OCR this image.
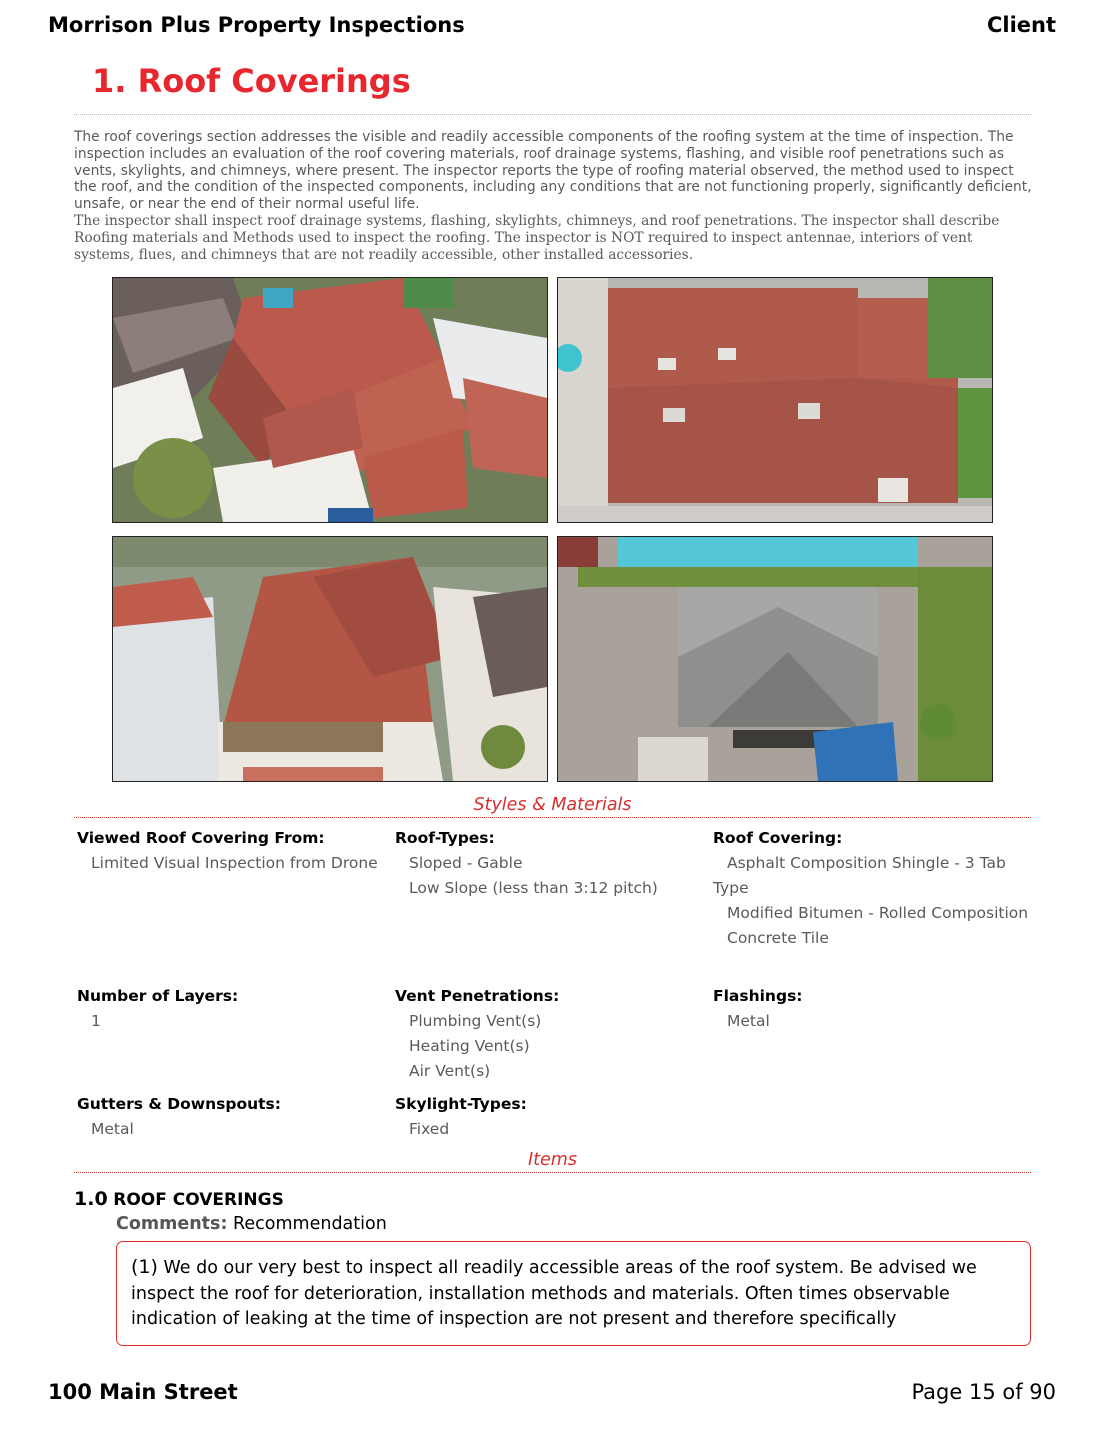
Morrison Plus Property Inspections	Client
1. Roof Coverings
The roof coverings section addresses the visible and readily accessible components of the roofing system at the time of inspection. The inspection includes an evaluation of the roof covering materials, roof drainage systems, flashing, and visible roof penetrations such as vents, skylights, and chimneys, where present. The inspector reports the type of roofing material observed, the method used to inspect the roof, and the condition of the inspected components, including any conditions that are not functioning properly, significantly deficient, unsafe, or near the end of their normal useful life.
The inspector shall inspect roof drainage systems, flashing, skylights, chimneys, and roof penetrations. The inspector shall describe Roofing materials and Methods used to inspect the roofing. The inspector is NOT required to inspect antennae, interiors of vent systems, flues, and chimneys that are not readily accessible, other installed accessories.
Styles & Materials
Viewed Roof Covering From:
Limited Visual Inspection from Drone
Roof-Types:
Sloped - Gable
Low Slope (less than 3:12 pitch)
Roof Covering:
Asphalt Composition Shingle - 3 Tab Type
Modified Bitumen - Rolled Composition
Concrete Tile
Number of Layers:
1
Vent Penetrations:
Plumbing Vent(s)
Heating Vent(s)
Air Vent(s)
Flashings:
Metal
Gutters & Downspouts:
Metal
Skylight-Types:
Fixed
Items
1.0 ROOF COVERINGS
Comments: Recommendation
(1) We do our very best to inspect all readily accessible areas of the roof system. Be advised we inspect the roof for deterioration, installation methods and materials. Often times observable indication of leaking at the time of inspection are not present and therefore specifically
100 Main Street	Page 15 of 90
